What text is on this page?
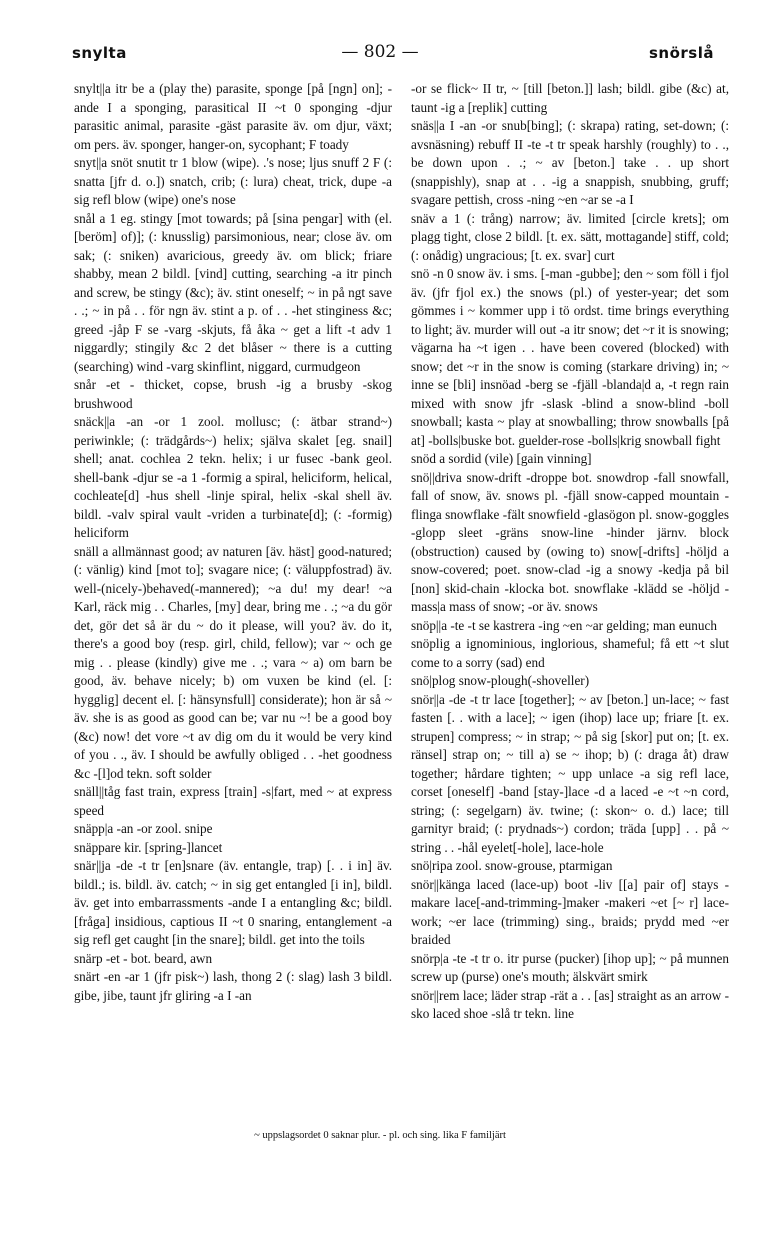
snylta	— 802 —	snörslå

snylt||a itr be a (play the) parasite, sponge [på [ngn] on]; -ande I a sponging, parasitical II ~t 0 sponging -djur parasitic animal, parasite -gäst parasite äv. om djur, växt; om pers. äv. sponger, hanger-on, sycophant; F toady

snyt||a snöt snutit tr 1 blow (wipe). .'s nose; ljus snuff 2 F (: snatta [jfr d. o.]) snatch, crib; (: lura) cheat, trick, dupe -a sig refl blow (wipe) one's nose

snål a 1 eg. stingy [mot towards; på [sina pengar] with (el. [beröm] of)]; (: knusslig) parsimonious, near; close äv. om sak; (: sniken) avaricious, greedy äv. om blick; friare shabby, mean 2 bildl. [vind] cutting, searching -a itr pinch and screw, be stingy (&c); äv. stint oneself; ~ in på ngt save . .; ~ in på . . för ngn äv. stint a p. of . . -het stinginess &c; greed -jåp F se -varg -skjuts, få åka ~ get a lift -t adv 1 niggardly; stingily &c 2 det blåser ~ there is a cutting (searching) wind -varg skinflint, niggard, curmudgeon

snår -et - thicket, copse, brush -ig a brusby -skog brushwood

snäck||a -an -or 1 zool. mollusc; (: ätbar strand~) periwinkle; (: trädgårds~) helix; själva skalet [eg. snail] shell; anat. cochlea 2 tekn. helix; i ur fusec -bank geol. shell-bank -djur se -a 1 -formig a spiral, heliciform, helical, cochleate[d] -hus shell -linje spiral, helix -skal shell äv. bildl. -valv spiral vault -vriden a turbinate[d]; (: -formig) heliciform

snäll a allmännast good; av naturen [äv. häst] good-natured; (: vänlig) kind [mot to]; svagare nice; (: väluppfostrad) äv. well-(nicely-)behaved(-mannered); ~a du! my dear! ~a Karl, räck mig . . Charles, [my] dear, bring me . .; ~a du gör det, gör det så är du ~ do it please, will you? äv. do it, there's a good boy (resp. girl, child, fellow); var ~ och ge mig . . please (kindly) give me . .; vara ~ a) om barn be good, äv. behave nicely; b) om vuxen be kind (el. [: hygglig] decent el. [: hänsynsfull] considerate); hon är så ~ äv. she is as good as good can be; var nu ~! be a good boy (&c) now! det vore ~t av dig om du it would be very kind of you . ., äv. I should be awfully obliged . . -het goodness &c -[l]od tekn. soft solder

snäll||tåg fast train, express [train] -s|fart, med ~ at express speed

snäpp|a -an -or zool. snipe

snäppare kir. [spring-]lancet

snär||ja -de -t tr [en]snare (äv. entangle, trap) [. . i in] äv. bildl.; is. bildl. äv. catch; ~ in sig get entangled [i in], bildl. äv. get into embarrassments -ande I a entangling &c; bildl. [fråga] insidious, captious II ~t 0 snaring, entanglement -a sig refl get caught [in the snare]; bildl. get into the toils

snärp -et - bot. beard, awn

snärt -en -ar 1 (jfr pisk~) lash, thong 2 (: slag) lash 3 bildl. gibe, jibe, taunt jfr gliring -a I -an

-or se flick~ II tr, ~ [till [beton.]] lash; bildl. gibe (&c) at, taunt -ig a [replik] cutting

snäs||a I -an -or snub[bing]; (: skrapa) rating, set-down; (: avsnäsning) rebuff II -te -t tr speak harshly (roughly) to . ., be down upon . .; ~ av [beton.] take . . up short (snappishly), snap at . . -ig a snappish, snubbing, gruff; svagare pettish, cross -ning ~en ~ar se -a I

snäv a 1 (: trång) narrow; äv. limited [circle krets]; om plagg tight, close 2 bildl. [t. ex. sätt, mottagande] stiff, cold; (: onådig) ungracious; [t. ex. svar] curt

snö -n 0 snow äv. i sms. [-man -gubbe]; den ~ som föll i fjol äv. (jfr fjol ex.) the snows (pl.) of yester-year; det som gömmes i ~ kommer upp i tö ordst. time brings everything to light; äv. murder will out -a itr snow; det ~r it is snowing; vägarna ha ~t igen . . have been covered (blocked) with snow; det ~r in the snow is coming (starkare driving) in; ~ inne se [bli] insnöad -berg se -fjäll -blanda|d a, -t regn rain mixed with snow jfr -slask -blind a snow-blind -boll snowball; kasta ~ play at snowballing; throw snowballs [på at] -bolls|buske bot. guelder-rose -bolls|krig snowball fight

snöd a sordid (vile) [gain vinning]

snö||driva snow-drift -droppe bot. snowdrop -fall snowfall, fall of snow, äv. snows pl. -fjäll snow-capped mountain -flinga snowflake -fält snowfield -glasögon pl. snow-goggles -glopp sleet -gräns snow-line -hinder järnv. block (obstruction) caused by (owing to) snow[-drifts] -höljd a snow-covered; poet. snow-clad -ig a snowy -kedja på bil [non] skid-chain -klocka bot. snowflake -klädd se -höljd -mass|a mass of snow; -or äv. snows

snöp||a -te -t se kastrera -ing ~en ~ar gelding; man eunuch

snöplig a ignominious, inglorious, shameful; få ett ~t slut come to a sorry (sad) end

snö|plog snow-plough(-shoveller)

snör||a -de -t tr lace [together]; ~ av [beton.] un-lace; ~ fast fasten [. . with a lace]; ~ igen (ihop) lace up; friare [t. ex. strupen] compress; ~ in strap; ~ på sig [skor] put on; [t. ex. ränsel] strap on; ~ till a) se ~ ihop; b) (: draga åt) draw together; hårdare tighten; ~ upp unlace -a sig refl lace, corset [oneself] -band [stay-]lace -d a laced -e ~t ~n cord, string; (: segelgarn) äv. twine; (: skon~ o. d.) lace; till garnityr braid; (: prydnads~) cordon; träda [upp] . . på ~ string . . -hål eyelet[-hole], lace-hole

snö|ripa zool. snow-grouse, ptarmigan

snör||känga laced (lace-up) boot -liv [[a] pair of] stays -makare lace[-and-trimming-]maker -makeri ~et [~ r] lace-work; ~er lace (trimming) sing., braids; prydd med ~er braided

snörp|a -te -t tr o. itr purse (pucker) [ihop up]; ~ på munnen screw up (purse) one's mouth; älskvärt smirk

snör||rem lace; läder strap -rät a . . [as] straight as an arrow -sko laced shoe -slå tr tekn. line

~ uppslagsordet 0 saknar plur. - pl. och sing. lika F familjärt
